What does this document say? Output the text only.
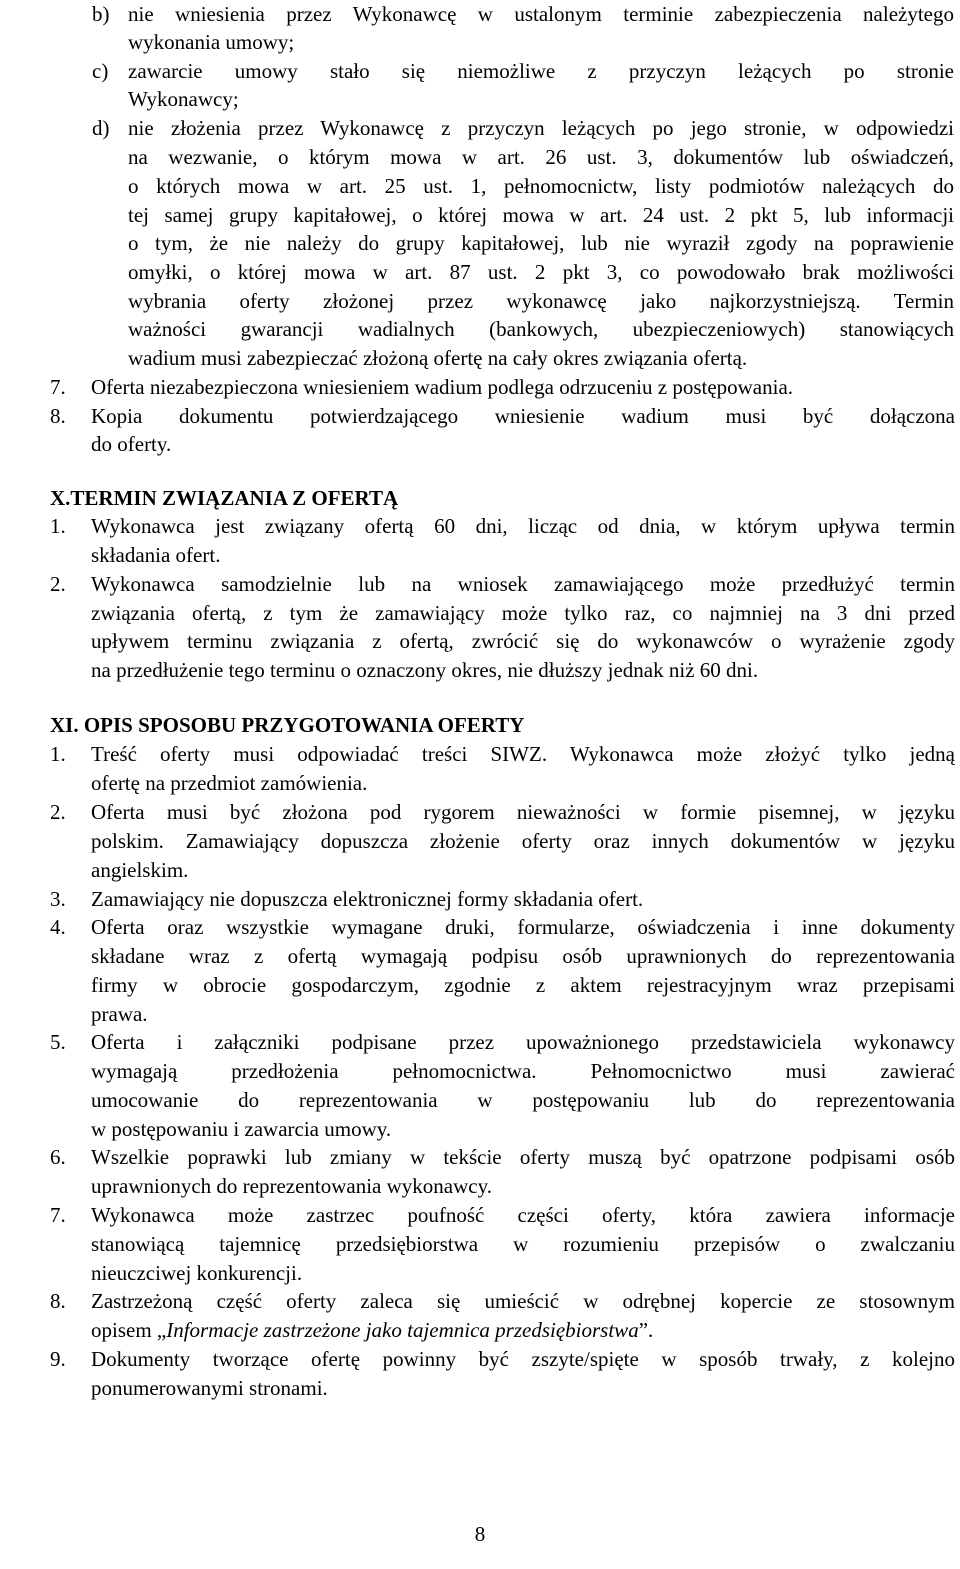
b) nie wniesienia przez Wykonawcę w ustalonym terminie zabezpieczenia należytego
wykonania umowy;
c) zawarcie umowy stało się niemożliwe z przyczyn leżących po stronie
Wykonawcy;
d) nie złożenia przez Wykonawcę z przyczyn leżących po jego stronie, w odpowiedzi
na wezwanie, o którym mowa w art. 26 ust. 3, dokumentów lub oświadczeń,
o których mowa w art. 25 ust. 1, pełnomocnictw, listy podmiotów należących do
tej samej grupy kapitałowej, o której mowa w art. 24 ust. 2 pkt 5, lub informacji
o tym, że nie należy do grupy kapitałowej, lub nie wyraził zgody na poprawienie
omyłki, o której mowa w art. 87 ust. 2 pkt 3, co powodowało brak możliwości
wybrania oferty złożonej przez wykonawcę jako najkorzystniejszą. Termin
ważności gwarancji wadialnych (bankowych, ubezpieczeniowych) stanowiących
wadium musi zabezpieczać złożoną ofertę na cały okres związania ofertą.
7. Oferta niezabezpieczona wniesieniem wadium podlega odrzuceniu z postępowania.
8. Kopia dokumentu potwierdzającego wniesienie wadium musi być dołączona
do oferty.
X.TERMIN ZWIĄZANIA Z OFERTĄ
1. Wykonawca jest związany ofertą 60 dni, licząc od dnia, w którym upływa termin
składania ofert.
2. Wykonawca samodzielnie lub na wniosek zamawiającego może przedłużyć termin
związania ofertą, z tym że zamawiający może tylko raz, co najmniej na 3 dni przed
upływem terminu związania z ofertą, zwrócić się do wykonawców o wyrażenie zgody
na przedłużenie tego terminu o oznaczony okres, nie dłuższy jednak niż 60 dni.
XI. OPIS SPOSOBU PRZYGOTOWANIA OFERTY
1. Treść oferty musi odpowiadać treści SIWZ. Wykonawca może złożyć tylko jedną
ofertę na przedmiot zamówienia.
2. Oferta musi być złożona pod rygorem nieważności w formie pisemnej, w języku
polskim. Zamawiający dopuszcza złożenie oferty oraz innych dokumentów w języku
angielskim.
3. Zamawiający nie dopuszcza elektronicznej formy składania ofert.
4. Oferta oraz wszystkie wymagane druki, formularze, oświadczenia i inne dokumenty
składane wraz z ofertą wymagają podpisu osób uprawnionych do reprezentowania
firmy w obrocie gospodarczym, zgodnie z aktem rejestracyjnym wraz przepisami
prawa.
5. Oferta i załączniki podpisane przez upoważnionego przedstawiciela wykonawcy
wymagają przedłożenia pełnomocnictwa. Pełnomocnictwo musi zawierać
umocowanie do reprezentowania w postępowaniu lub do reprezentowania
w postępowaniu i zawarcia umowy.
6. Wszelkie poprawki lub zmiany w tekście oferty muszą być opatrzone podpisami osób
uprawnionych do reprezentowania wykonawcy.
7. Wykonawca może zastrzec poufność części oferty, która zawiera informacje
stanowiącą tajemnicę przedsiębiorstwa w rozumieniu przepisów o zwalczaniu
nieuczciwej konkurencji.
8. Zastrzeżoną część oferty zaleca się umieścić w odrębnej kopercie ze stosownym
opisem „Informacje zastrzeżone jako tajemnica przedsiębiorstwa”.
9. Dokumenty tworzące ofertę powinny być zszyte/spięte w sposób trwały, z kolejno
ponumerowanymi stronami.
8
